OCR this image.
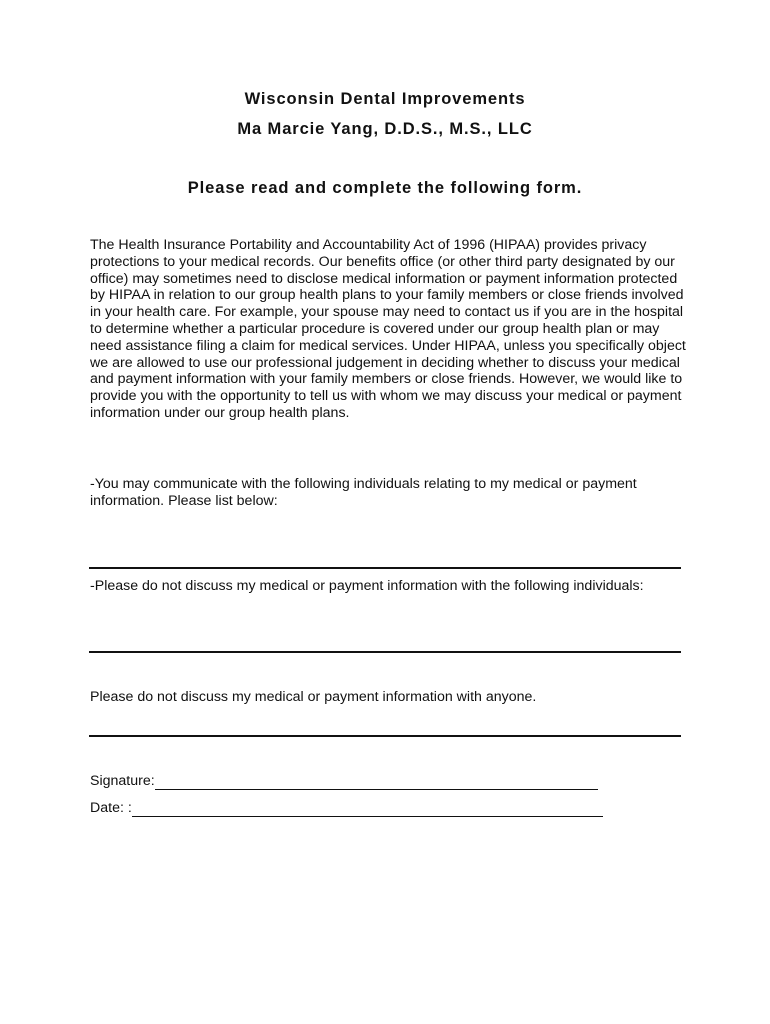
Wisconsin Dental Improvements
Ma Marcie Yang, D.D.S., M.S., LLC
Please read and complete the following form.

The Health Insurance Portability and Accountability Act of 1996 (HIPAA) provides privacy protections to your medical records. Our benefits office (or other third party designated by our office) may sometimes need to disclose medical information or payment information protected by HIPAA in relation to our group health plans to your family members or close friends involved in your health care. For example, your spouse may need to contact us if you are in the hospital to determine whether a particular procedure is covered under our group health plan or may need assistance filing a claim for medical services. Under HIPAA, unless you specifically object we are allowed to use our professional judgement in deciding whether to discuss your medical and payment information with your family members or close friends. However, we would like to provide you with the opportunity to tell us with whom we may discuss your medical or payment information under our group health plans.

-You may communicate with the following individuals relating to my medical or payment information. Please list below:

-Please do not discuss my medical or payment information with the following individuals:

Please do not discuss my medical or payment information with anyone.

Signature:
Date: :
